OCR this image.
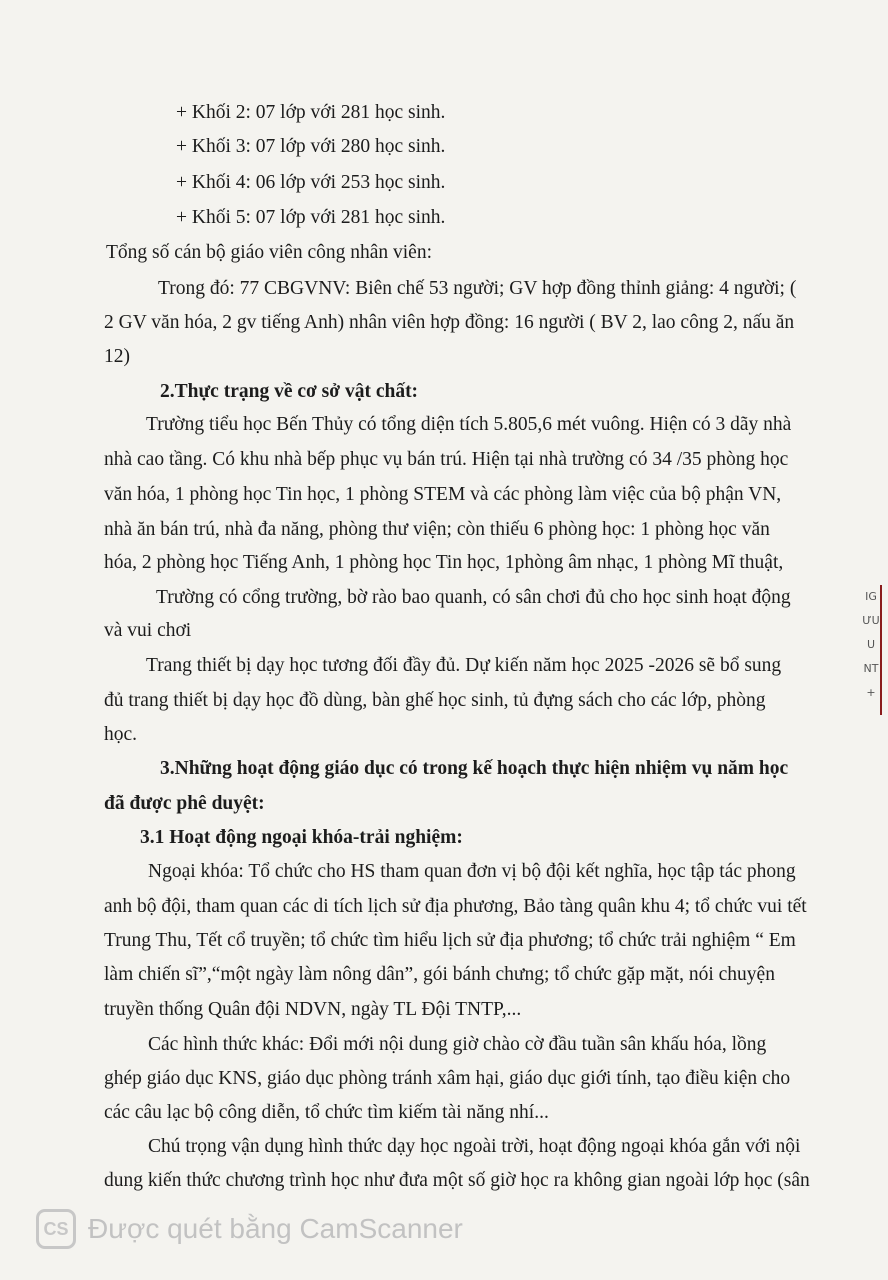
+ Khối 2: 07 lớp với 281 học sinh.
+ Khối 3: 07 lớp với 280 học sinh.
+ Khối 4: 06 lớp với 253 học sinh.
+ Khối 5: 07 lớp với 281 học sinh.
Tổng số cán bộ giáo viên công nhân viên:
Trong đó: 77 CBGVNV: Biên chế 53 người; GV hợp đồng thỉnh giảng: 4 người; (
2 GV văn hóa, 2 gv tiếng Anh) nhân viên hợp đồng: 16 người ( BV 2, lao công 2, nấu ăn
12)
2.Thực trạng về cơ sở vật chất:
Trường tiểu học Bến Thủy có tổng diện tích 5.805,6 mét vuông. Hiện có 3 dãy nhà
nhà cao tầng. Có khu nhà bếp phục vụ bán trú. Hiện tại nhà trường có 34 /35 phòng học
văn hóa, 1 phòng học Tin học, 1 phòng STEM và các phòng làm việc của bộ phận VN,
nhà ăn bán trú, nhà đa năng, phòng thư viện; còn thiếu 6 phòng học: 1 phòng học văn
hóa, 2 phòng học Tiếng Anh, 1 phòng học Tin học, 1phòng âm nhạc, 1 phòng Mĩ thuật,
Trường có cổng trường, bờ rào bao quanh, có sân chơi đủ cho học sinh hoạt động
và vui chơi
Trang thiết bị dạy học tương đối đầy đủ. Dự kiến năm học 2025 -2026 sẽ bổ sung
đủ trang thiết bị dạy học đồ dùng, bàn ghế học sinh, tủ đựng sách cho các lớp, phòng
học.
3.Những hoạt động giáo dục có trong kế hoạch thực hiện nhiệm vụ năm học
đã được phê duyệt:
3.1 Hoạt động ngoại khóa-trải nghiệm:
Ngoại khóa: Tổ chức cho HS tham quan đơn vị bộ đội kết nghĩa, học tập tác phong
anh bộ đội, tham quan các di tích lịch sử địa phương, Bảo tàng quân khu 4; tổ chức vui tết
Trung Thu, Tết cổ truyền; tổ chức tìm hiểu lịch sử địa phương; tổ chức trải nghiệm “ Em
làm chiến sĩ”,“một ngày làm nông dân”, gói bánh chưng; tổ chức gặp mặt, nói chuyện
truyền thống Quân đội NDVN, ngày TL Đội TNTP,...
Các hình thức khác: Đổi mới nội dung giờ chào cờ đầu tuần sân khấu hóa, lồng
ghép giáo dục KNS, giáo dục phòng tránh xâm hại, giáo dục giới tính, tạo điều kiện cho
các câu lạc bộ công diễn, tổ chức tìm kiếm tài năng nhí...
Chú trọng vận dụng hình thức dạy học ngoài trời, hoạt động ngoại khóa gắn với nội
dung kiến thức chương trình học như đưa một số giờ học ra không gian ngoài lớp học (sân
IG
ƯU
U
NT
+
CS Được quét bằng CamScanner
